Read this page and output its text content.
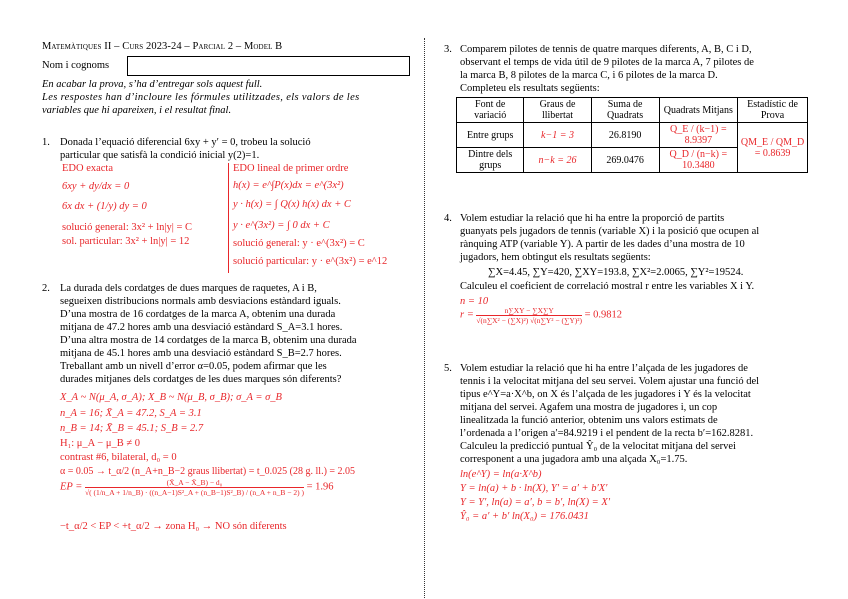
Matemàtiques II – Curs 2023-24 – Parcial 2 – Model B
Nom i cognoms
En acabar la prova, s’ha d’entregar sols aquest full.
Les respostes han d’incloure les fórmules utilitzades, els valors de les
variables que hi apareixen, i el resultat final.
1. Donada l’equació diferencial 6xy + y′ = 0, trobeu la solució
particular que satisfà la condició inicial y(2)=1.
EDO exacta
6xy + dy/dx = 0
6x dx + (1/y) dy = 0
solució general: 3x² + ln|y| = C
sol. particular: 3x² + ln|y| = 12
EDO lineal de primer ordre
h(x) = e^∫P(x)dx = e^(3x²)
y · h(x) = ∫ Q(x) h(x) dx + C
y · e^(3x²) = ∫ 0 dx + C
solució general: y · e^(3x²) = C
solució particular: y · e^(3x²) = e^12
2. La durada dels cordatges de dues marques de raquetes, A i B,
segueixen distribucions normals amb desviacions estàndard iguals.
D’una mostra de 16 cordatges de la marca A, obtenim una durada
mitjana de 47.2 hores amb una desviació estàndard S_A=3.1 hores.
D’una altra mostra de 14 cordatges de la marca B, obtenim una durada
mitjana de 45.1 hores amb una desviació estàndard S_B=2.7 hores.
Treballant amb un nivell d’error α=0.05, podem afirmar que les
durades mitjanes dels cordatges de les dues marques són diferents?
X_A ~ N(μ_A, σ_A); X_B ~ N(μ_B, σ_B); σ_A = σ_B
n_A = 16; X̄_A = 47.2, S_A = 3.1
n_B = 14; X̄_B = 45.1; S_B = 2.7
H₁: μ_A − μ_B ≠ 0
contrast #6, bilateral, d₀ = 0
α = 0.05 → t_α/2 (n_A+n_B−2 graus llibertat) = t_0.025 (28 g. ll.) = 2.05
EP =	(X̄_A − X̄_B) − d₀
√( (1/n_A + 1/n_B) · ((n_A−1)S²_A + (n_B−1)S²_B) / (n_A + n_B − 2) ) = 1.96
−t_α/2 < EP < +t_α/2 → zona H₀ → NO són diferents
3. Comparem pilotes de tennis de quatre marques diferents, A, B, C i D,
observant el temps de vida útil de 9 pilotes de la marca A, 7 pilotes de
la marca B, 8 pilotes de la marca C, i 6 pilotes de la marca D.
Completeu els resultats següents:
Font de variació	Graus de llibertat	Suma de Quadrats	Quadrats Mitjans	Estadístic de Prova
Entre grups	k−1 = 3	26.8190	Q_E / (k−1) = 8.9397	QM_E / QM_D = 0.8639
Dintre dels grups	n−k = 26	269.0476	Q_D / (n−k) = 10.3480	
4. Volem estudiar la relació que hi ha entre la proporció de partits
guanyats pels jugadors de tennis (variable X) i la posició que ocupen al
rànquing ATP (variable Y). A partir de les dades d’una mostra de 10
jugadors, hem obtingut els resultats següents:
∑X=4.45, ∑Y=420, ∑XY=193.8, ∑X²=2.0065, ∑Y²=19524.
Calculeu el coeficient de correlació mostral r entre les variables X i Y.
n = 10
$r = \frac{n\sum XY - \sum X\sum Y}{\text{√(n∑X² − (∑X)²) √(n∑Y² − (∑Y)²)}} = 0.9812$
5. Volem estudiar la relació que hi ha entre l’alçada de les jugadores de
tennis i la velocitat mitjana del seu servei. Volem ajustar una funció del
tipus e^Y=a·X^b, on X és l’alçada de les jugadores i Y és la velocitat
mitjana del servei. Agafem una mostra de jugadores i, un cop
linealitzada la funció anterior, obtenim uns valors estimats de
l’ordenada a l’origen a′=84.9219 i el pendent de la recta b′=162.8281.
Calculeu la predicció puntual Ŷ₀ de la velocitat mitjana del servei
corresponent a una jugadora amb una alçada X₀=1.75.
ln(e^Y) = ln(a·X^b)
Y = ln(a) + b · ln(X), Y′ = a′ + b′X′
Y = Y′, ln(a) = a′, b = b′, ln(X) = X′
Ŷ₀ = a′ + b′ ln(X₀) = 176.0431
